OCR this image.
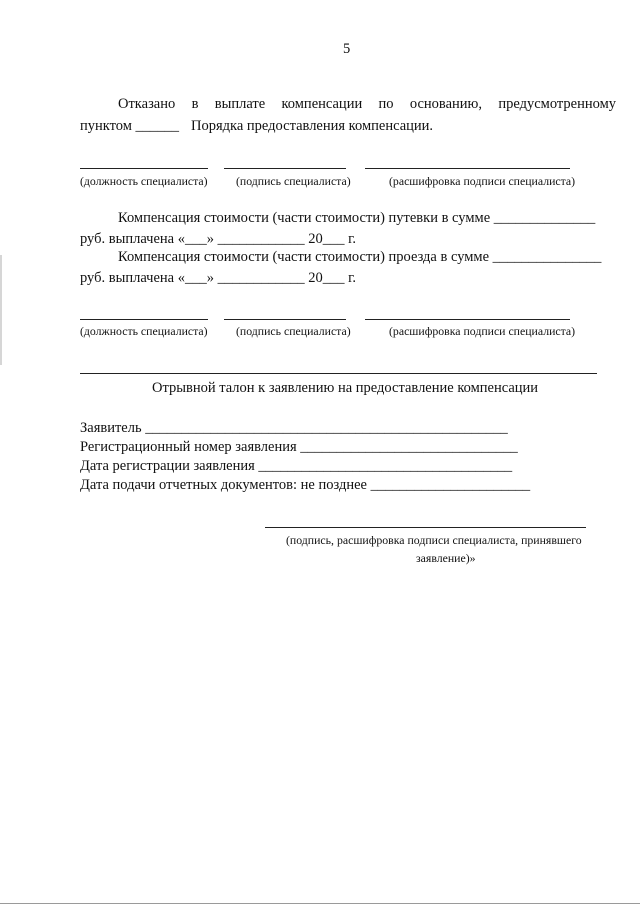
5
Отказано в выплате компенсации по основанию, предусмотренному
пунктом ______ Порядка предоставления компенсации.
(должность специалиста) (подпись специалиста)	(расшифровка подписи специалиста)
Компенсация стоимости (части стоимости) путевки в сумме ______________
руб. выплачена «___» ____________ 20___ г.
Компенсация стоимости (части стоимости) проезда в сумме _______________
руб. выплачена «___» ____________ 20___ г.
(должность специалиста) (подпись специалиста)	(расшифровка подписи специалиста)
Отрывной талон к заявлению на предоставление компенсации
Заявитель __________________________________________________
Регистрационный номер заявления ______________________________
Дата регистрации заявления ___________________________________
Дата подачи отчетных документов: не позднее ______________________
(подпись, расшифровка подписи специалиста, принявшего
заявление)»
